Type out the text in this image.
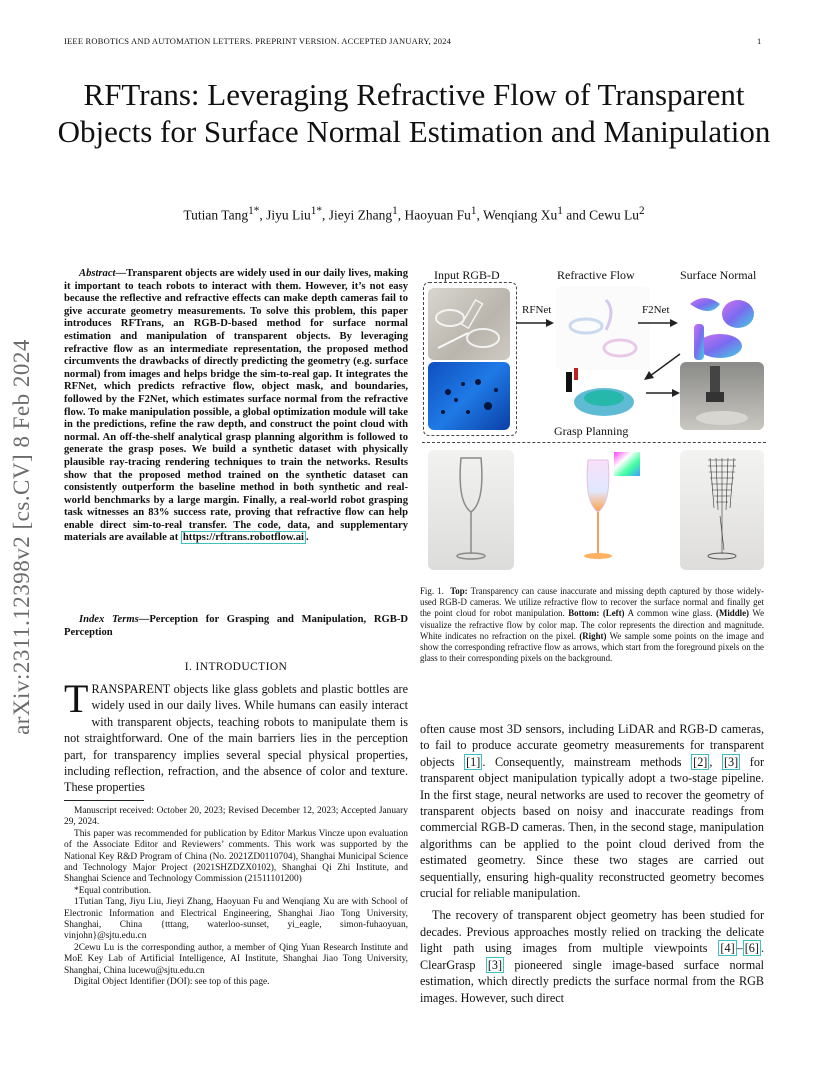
IEEE ROBOTICS AND AUTOMATION LETTERS. PREPRINT VERSION. ACCEPTED JANUARY, 2024	1
RFTrans: Leveraging Refractive Flow of Transparent Objects for Surface Normal Estimation and Manipulation
Tutian Tang$^{1*}$, Jiyu Liu$^{1*}$, Jieyi Zhang$^1$, Haoyuan Fu$^1$, Wenqiang Xu$^1$ and Cewu Lu$^2$
arXiv:2311.12398v2 [cs.CV] 8 Feb 2024
Abstract—Transparent objects are widely used in our daily lives, making it important to teach robots to interact with them. However, it’s not easy because the reflective and refractive effects can make depth cameras fail to give accurate geometry measurements. To solve this problem, this paper introduces RFTrans, an RGB-D-based method for surface normal estimation and manipulation of transparent objects. By leveraging refractive flow as an intermediate representation, the proposed method circumvents the drawbacks of directly predicting the geometry (e.g. surface normal) from images and helps bridge the sim-to-real gap. It integrates the RFNet, which predicts refractive flow, object mask, and boundaries, followed by the F2Net, which estimates surface normal from the refractive flow. To make manipulation possible, a global optimization module will take in the predictions, refine the raw depth, and construct the point cloud with normal. An off-the-shelf analytical grasp planning algorithm is followed to generate the grasp poses. We build a synthetic dataset with physically plausible ray-tracing rendering techniques to train the networks. Results show that the proposed method trained on the synthetic dataset can consistently outperform the baseline method in both synthetic and real-world benchmarks by a large margin. Finally, a real-world robot grasping task witnesses an 83% success rate, proving that refractive flow can help enable direct sim-to-real transfer. The code, data, and supplementary materials are available at https://rftrans.robotflow.ai .
Index Terms—Perception for Grasping and Manipulation, RGB-D Perception
I. INTRODUCTION
TRANSPARENT objects like glass goblets and plastic bottles are widely used in our daily lives. While humans can easily interact with transparent objects, teaching robots to manipulate them is not straightforward. One of the main barriers lies in the perception part, for transparency implies several special physical properties, including reflection, refraction, and the absence of color and texture. These properties

Manuscript received: October 20, 2023; Revised December 12, 2023; Accepted January 29, 2024.

This paper was recommended for publication by Editor Markus Vincze upon evaluation of the Associate Editor and Reviewers’ comments. This work was supported by the National Key R&D Program of China (No. 2021ZD0110704), Shanghai Municipal Science and Technology Major Project (2021SHZDZX0102), Shanghai Qi Zhi Institute, and Shanghai Science and Technology Commission (21511101200)

*Equal contribution.

1Tutian Tang, Jiyu Liu, Jieyi Zhang, Haoyuan Fu and Wenqiang Xu are with School of Electronic Information and Electrical Engineering, Shanghai Jiao Tong University, Shanghai, China {tttang, waterloo-sunset, yi_eagle, simon-fuhaoyuan, vinjohn}@sjtu.edu.cn

2Cewu Lu is the corresponding author, a member of Qing Yuan Research Institute and MoE Key Lab of Artificial Intelligence, AI Institute, Shanghai Jiao Tong University, Shanghai, China lucewu@sjtu.edu.cn

Digital Object Identifier (DOI): see top of this page.

Input RGB-D	Refractive Flow	Surface Normal
RFNet	F2Net
Grasp Planning
Fig. 1. Top: Transparency can cause inaccurate and missing depth captured by those widely-used RGB-D cameras. We utilize refractive flow to recover the surface normal and finally get the point cloud for robot manipulation. Bottom: (Left) A common wine glass. (Middle) We visualize the refractive flow by color map. The color represents the direction and magnitude. White indicates no refraction on the pixel. (Right) We sample some points on the image and show the corresponding refractive flow as arrows, which start from the foreground pixels on the glass to their corresponding pixels on the background.

often cause most 3D sensors, including LiDAR and RGB-D cameras, to fail to produce accurate geometry measurements for transparent objects [1] . Consequently, mainstream methods [2] , [3] for transparent object manipulation typically adopt a two-stage pipeline. In the first stage, neural networks are used to recover the geometry of transparent objects based on noisy and inaccurate readings from commercial RGB-D cameras. Then, in the second stage, manipulation algorithms can be applied to the point cloud derived from the estimated geometry. Since these two stages are carried out sequentially, ensuring high-quality reconstructed geometry becomes crucial for reliable manipulation.

The recovery of transparent object geometry has been studied for decades. Previous approaches mostly relied on tracking the delicate light path using images from multiple viewpoints [4] – [6] . ClearGrasp [3] pioneered single image-based surface normal estimation, which directly predicts the surface normal from the RGB images. However, such direct
